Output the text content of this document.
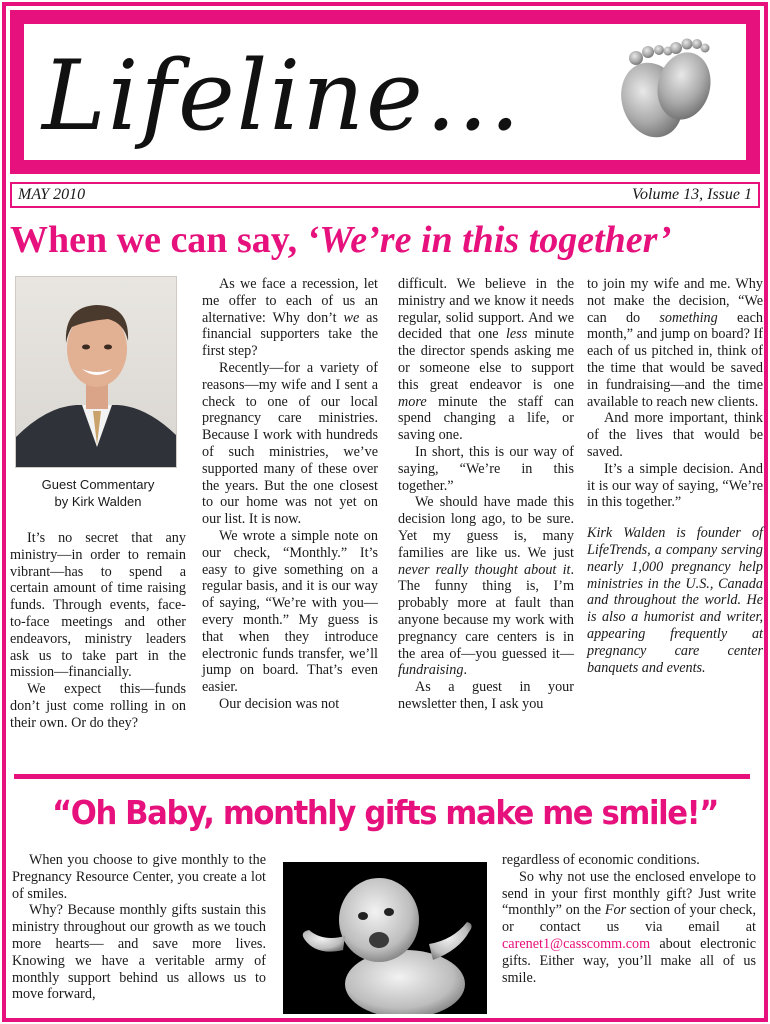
Lifeline…
MAY 2010	Volume 13, Issue 1
When we can say, ‘We’re in this together’
Guest Commentary
by Kirk Walden

It’s no secret that any ministry—in order to remain vibrant—has to spend a certain amount of time raising funds. Through events, face-to-face meetings and other endeavors, ministry leaders ask us to take part in the mission—financially.

We expect this—funds don’t just come rolling in on their own. Or do they?

As we face a recession, let me offer to each of us an alternative: Why don’t we as financial supporters take the first step?

Recently—for a variety of reasons—my wife and I sent a check to one of our local pregnancy care ministries. Because I work with hundreds of such ministries, we’ve supported many of these over the years. But the one closest to our home was not yet on our list. It is now.

We wrote a simple note on our check, “Monthly.” It’s easy to give something on a regular basis, and it is our way of saying, “We’re with you—every month.” My guess is that when they introduce electronic funds transfer, we’ll jump on board. That’s even easier.

Our decision was not

difficult. We believe in the ministry and we know it needs regular, solid support. And we decided that one less minute the director spends asking me or someone else to support this great endeavor is one more minute the staff can spend changing a life, or saving one.

In short, this is our way of saying, “We’re in this together.”

We should have made this decision long ago, to be sure. Yet my guess is, many families are like us. We just never really thought about it. The funny thing is, I’m probably more at fault than anyone because my work with pregnancy care centers is in the area of—you guessed it—fundraising.

As a guest in your newsletter then, I ask you

to join my wife and me. Why not make the decision, “We can do something each month,” and jump on board? If each of us pitched in, think of the time that would be saved in fundraising—and the time available to reach new clients.

And more important, think of the lives that would be saved.

It’s a simple decision. And it is our way of saying, “We’re in this together.”

Kirk Walden is founder of LifeTrends, a company serving nearly 1,000 pregnancy help ministries in the U.S., Canada and throughout the world. He is also a humorist and writer, appearing frequently at pregnancy care center banquets and events.

“Oh Baby, monthly gifts make me smile!”

When you choose to give monthly to the Pregnancy Resource Center, you create a lot of smiles.

Why? Because monthly gifts sustain this ministry throughout our growth as we touch more hearts— and save more lives. Knowing we have a veritable army of monthly support behind us allows us to move forward,

regardless of economic conditions.

So why not use the enclosed envelope to send in your first monthly gift? Just write “monthly” on the For section of your check, or contact us via email at carenet1@casscomm.com about electronic gifts. Either way, you’ll make all of us smile.
